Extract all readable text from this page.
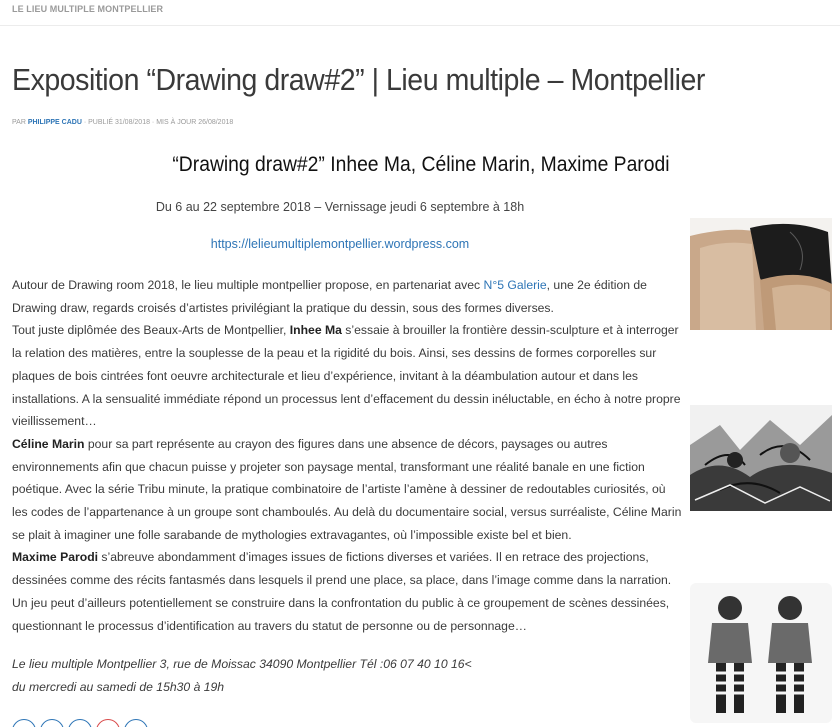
LE LIEU MULTIPLE MONTPELLIER
Exposition “Drawing draw#2” | Lieu multiple – Montpellier
PAR PHILIPPE CADU · PUBLIÉ 31/08/2018 · MIS À JOUR 26/08/2018
“Drawing draw#2” Inhee Ma, Céline Marin, Maxime Parodi
Du 6 au 22 septembre 2018 – Vernissage jeudi 6 septembre à 18h
https://lelieumultiplemontpellier.wordpress.com

Autour de Drawing room 2018, le lieu multiple montpellier propose, en partenariat avec N°5 Galerie, une 2e édition de Drawing draw, regards croisés d’artistes privilégiant la pratique du dessin, sous des formes diverses.

Tout juste diplômée des Beaux-Arts de Montpellier, Inhee Ma s’essaie à brouiller la frontière dessin-sculpture et à interroger la relation des matières, entre la souplesse de la peau et la rigidité du bois. Ainsi, ses dessins de formes corporelles sur plaques de bois cintrées font oeuvre architecturale et lieu d’expérience, invitant à la déambulation autour et dans les installations. A la sensualité immédiate répond un processus lent d’effacement du dessin inéluctable, en écho à notre propre vieillissement…

Céline Marin pour sa part représente au crayon des figures dans une absence de décors, paysages ou autres environnements afin que chacun puisse y projeter son paysage mental, transformant une réalité banale en une fiction poétique. Avec la série Tribu minute, la pratique combinatoire de l’artiste l’amène à dessiner de redoutables curiosités, où les codes de l’appartenance à un groupe sont chamboulés. Au delà du documentaire social, versus surréaliste, Céline Marin se plait à imaginer une folle sarabande de mythologies extravagantes, où l’impossible existe bel et bien.

Maxime Parodi s’abreuve abondamment d’images issues de fictions diverses et variées. Il en retrace des projections, dessinées comme des récits fantasmés dans lesquels il prend une place, sa place, dans l’image comme dans la narration. Un jeu peut d’ailleurs potentiellement se construire dans la confrontation du public à ce groupement de scènes dessinées, questionnant le processus d’identification au travers du statut de personne ou de personnage…

Le lieu multiple Montpellier 3, rue de Moissac 34090 Montpellier Tél :06 07 40 10 16<
du mercredi au samedi de 15h30 à 19h
